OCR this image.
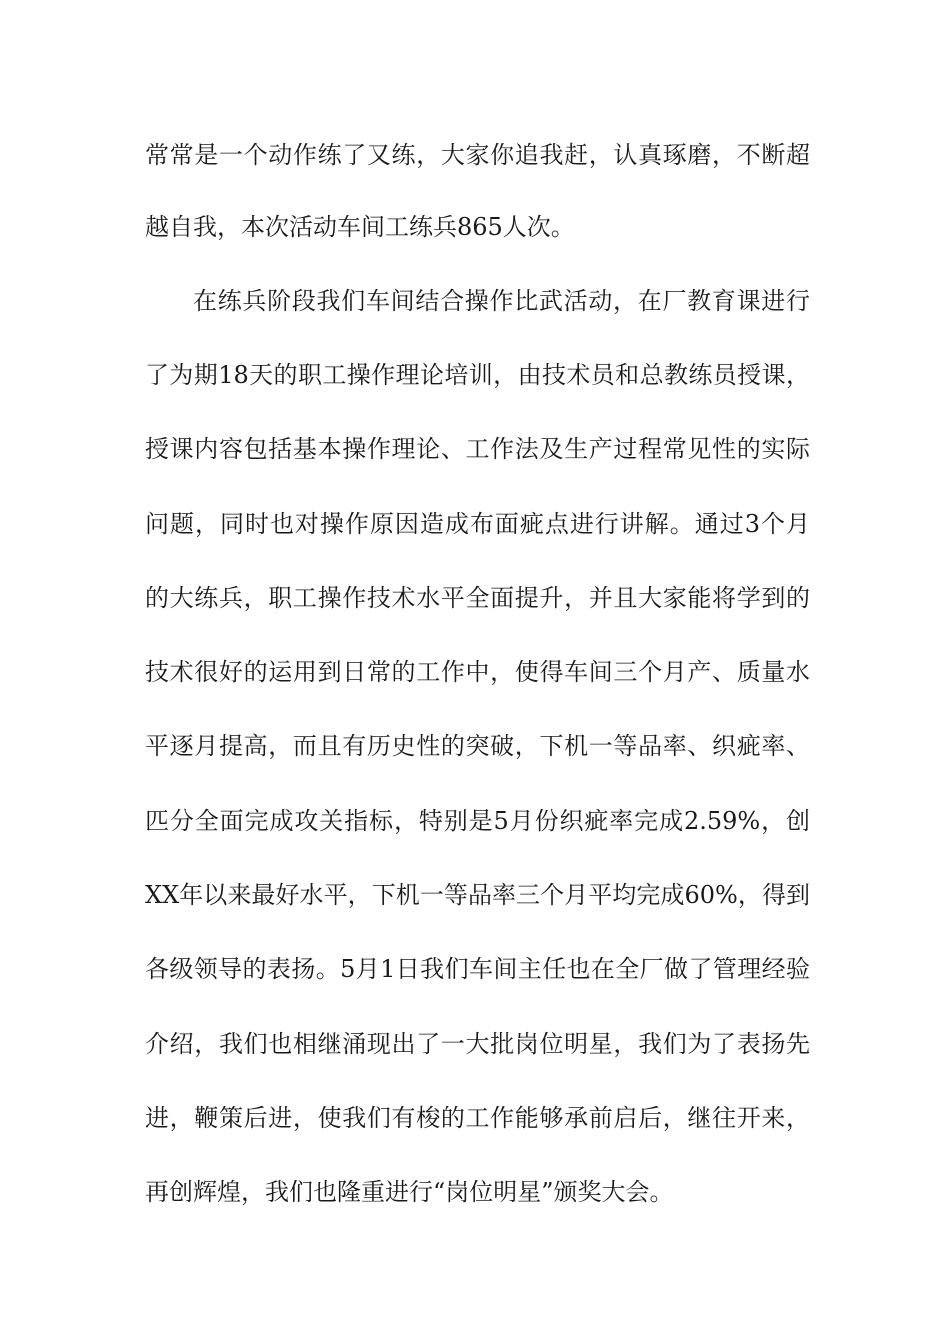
常常是一个动作练了又练，大家你追我赶，认真琢磨，不断超
越自我，本次活动车间工练兵865人次。
在练兵阶段我们车间结合操作比武活动，在厂教育课进行
了为期18天的职工操作理论培训，由技术员和总教练员授课，
授课内容包括基本操作理论、工作法及生产过程常见性的实际
问题，同时也对操作原因造成布面疵点进行讲解。通过3个月
的大练兵，职工操作技术水平全面提升，并且大家能将学到的
技术很好的运用到日常的工作中，使得车间三个月产、质量水
平逐月提高，而且有历史性的突破，下机一等品率、织疵率、
匹分全面完成攻关指标，特别是5月份织疵率完成2.59%，创
XX年以来最好水平，下机一等品率三个月平均完成60%，得到
各级领导的表扬。5月1日我们车间主任也在全厂做了管理经验
介绍，我们也相继涌现出了一大批岗位明星，我们为了表扬先
进，鞭策后进，使我们有梭的工作能够承前启后，继往开来，
再创辉煌，我们也隆重进行“岗位明星”颁奖大会。
